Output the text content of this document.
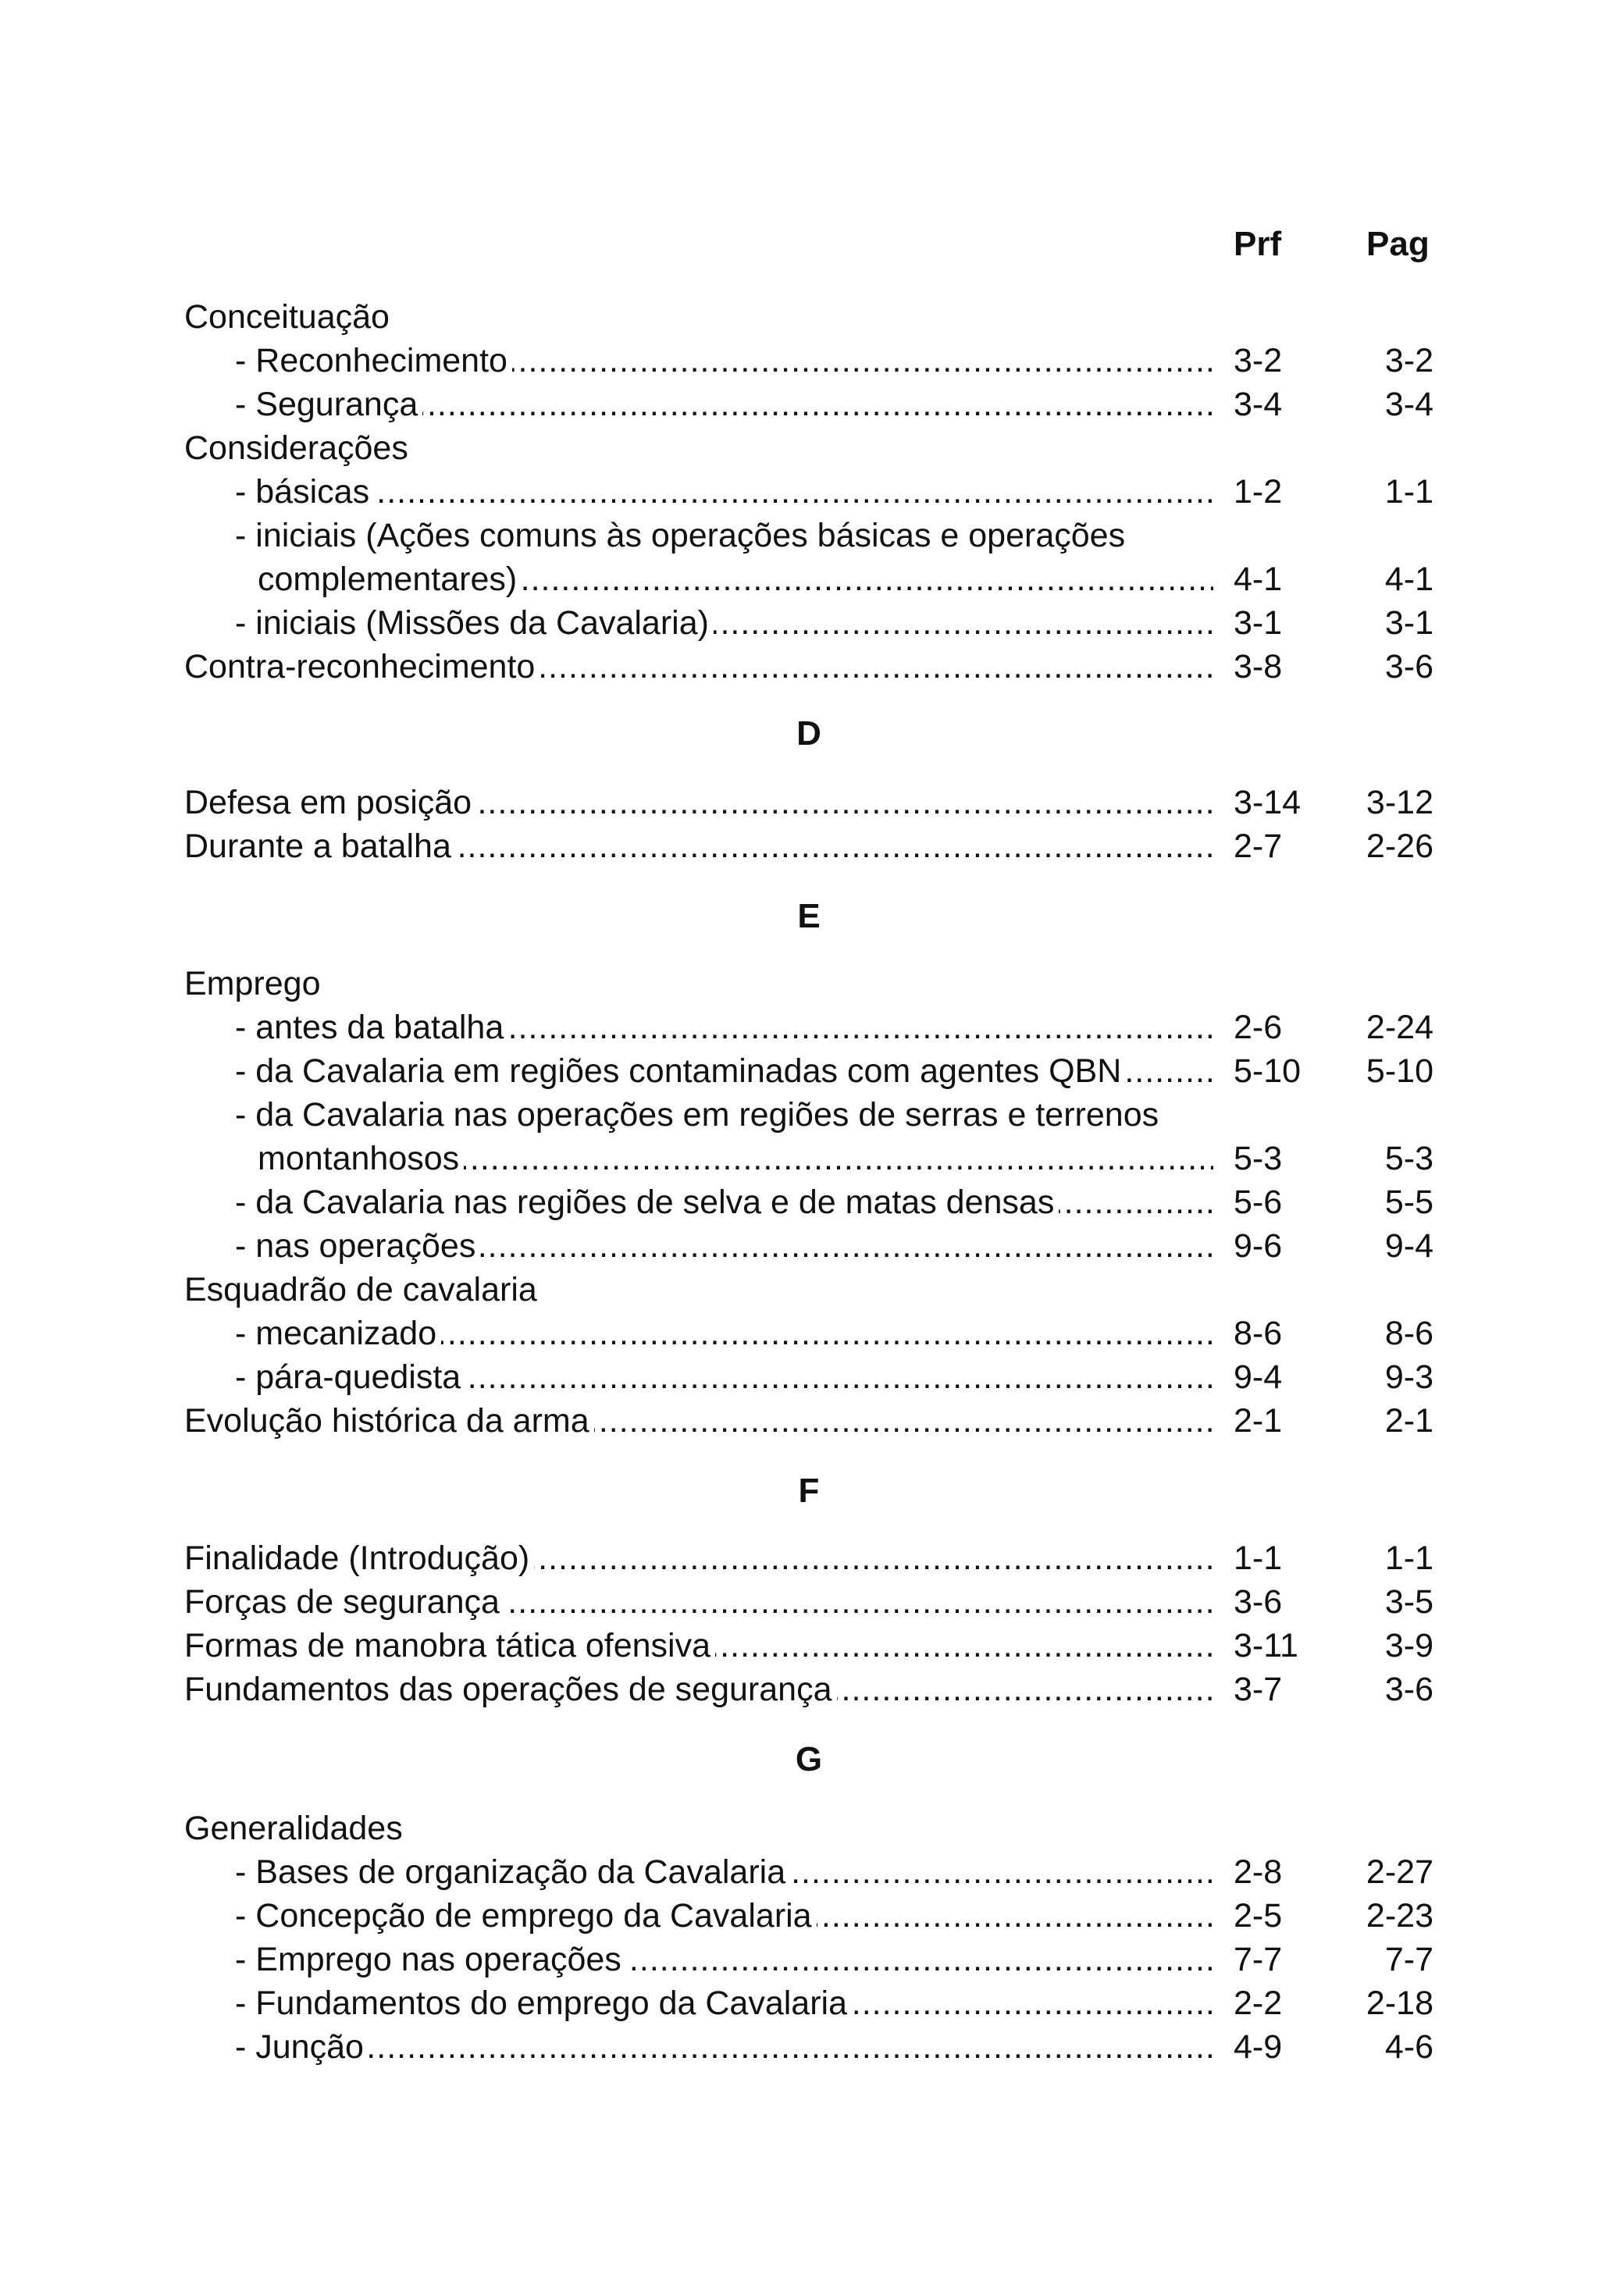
Prf Pag
Conceituação
- Reconhecimento .....	3-2	3-2
- Segurança .....	3-4	3-4
Considerações
- básicas .....	1-2	1-1
- iniciais (Ações comuns às operações básicas e operações
complementares) .....	4-1	4-1
- iniciais (Missões da Cavalaria) .....	3-1	3-1
Contra-reconhecimento .....	3-8	3-6
D
Defesa em posição .....	3-14	3-12
Durante a batalha .....	2-7	2-26
E
Emprego
- antes da batalha .....	2-6	2-24
- da Cavalaria em regiões contaminadas com agentes QBN .....	5-10	5-10
- da Cavalaria nas operações em regiões de serras e terrenos
montanhosos .....	5-3	5-3
- da Cavalaria nas regiões de selva e de matas densas .....	5-6	5-5
- nas operações .....	9-6	9-4
Esquadrão de cavalaria
- mecanizado .....	8-6	8-6
- pára-quedista .....	9-4	9-3
Evolução histórica da arma .....	2-1	2-1
F
Finalidade (Introdução) .....	1-1	1-1
Forças de segurança .....	3-6	3-5
Formas de manobra tática ofensiva .....	3-11	3-9
Fundamentos das operações de segurança .....	3-7	3-6
G
Generalidades
- Bases de organização da Cavalaria .....	2-8	2-27
- Concepção de emprego da Cavalaria .....	2-5	2-23
- Emprego nas operações .....	7-7	7-7
- Fundamentos do emprego da Cavalaria .....	2-2	2-18
- Junção .....	4-9	4-6
